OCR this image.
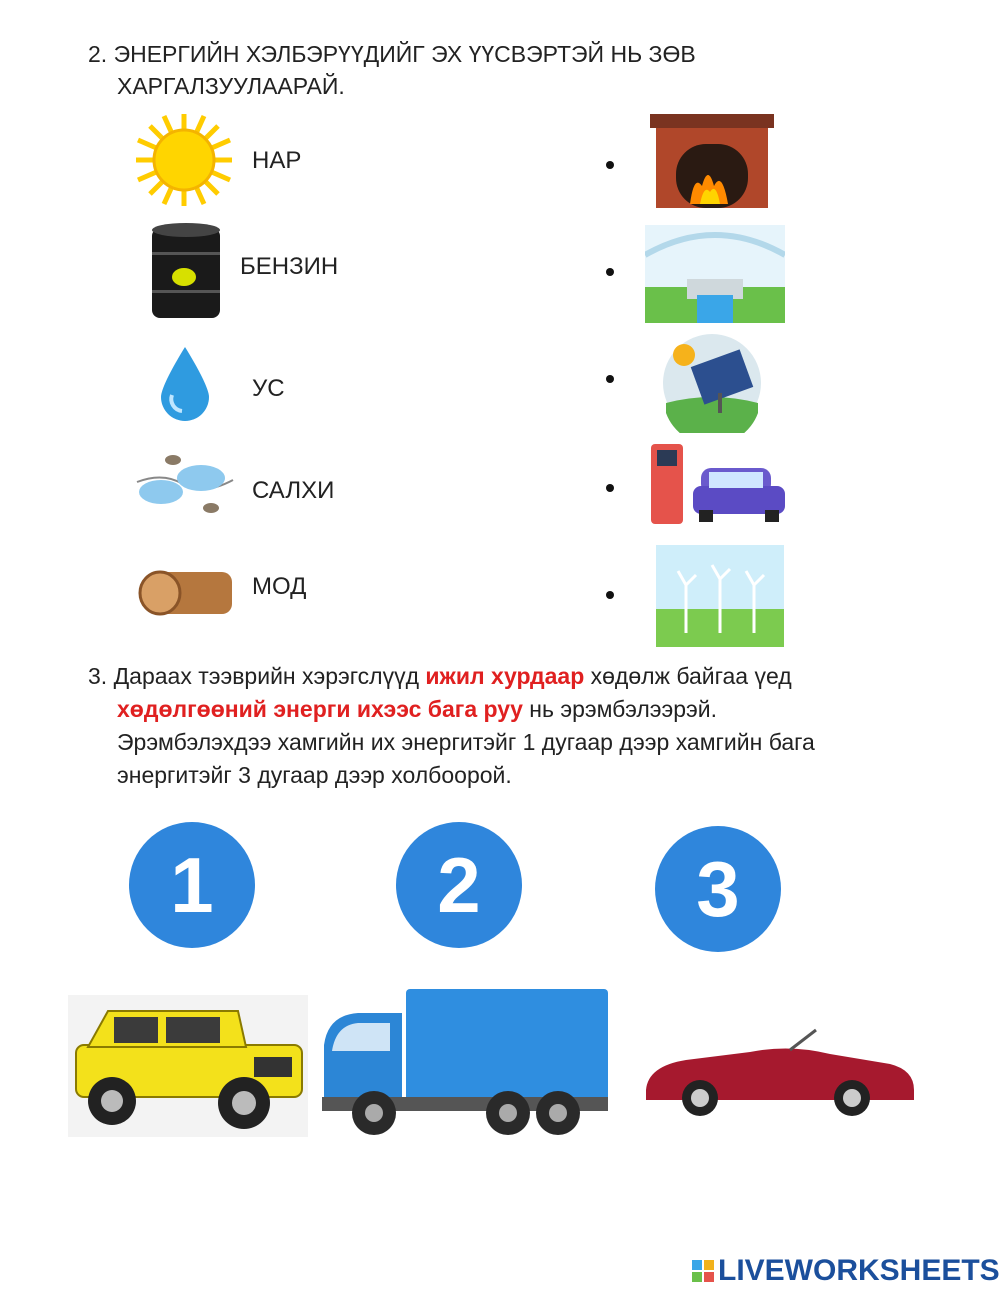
2. ЭНЕРГИЙН ХЭЛБЭРҮҮДИЙГ ЭХ ҮҮСВЭРТЭЙ НЬ ЗӨВ
ХАРГАЛЗУУЛААРАЙ.
НАР
БЕНЗИН
УС
САЛХИ
МОД
3. Дараах тээврийн хэрэгслүүд ижил хурдаар хөдөлж байгаа үед
хөдөлгөөний энерги ихээс бага руу нь эрэмбэлээрэй.
Эрэмбэлэхдээ хамгийн их энергитэйг 1 дугаар дээр хамгийн бага
энергитэйг 3 дугаар дээр холбоорой.
1	2	3
LIVEWORKSHEETS
